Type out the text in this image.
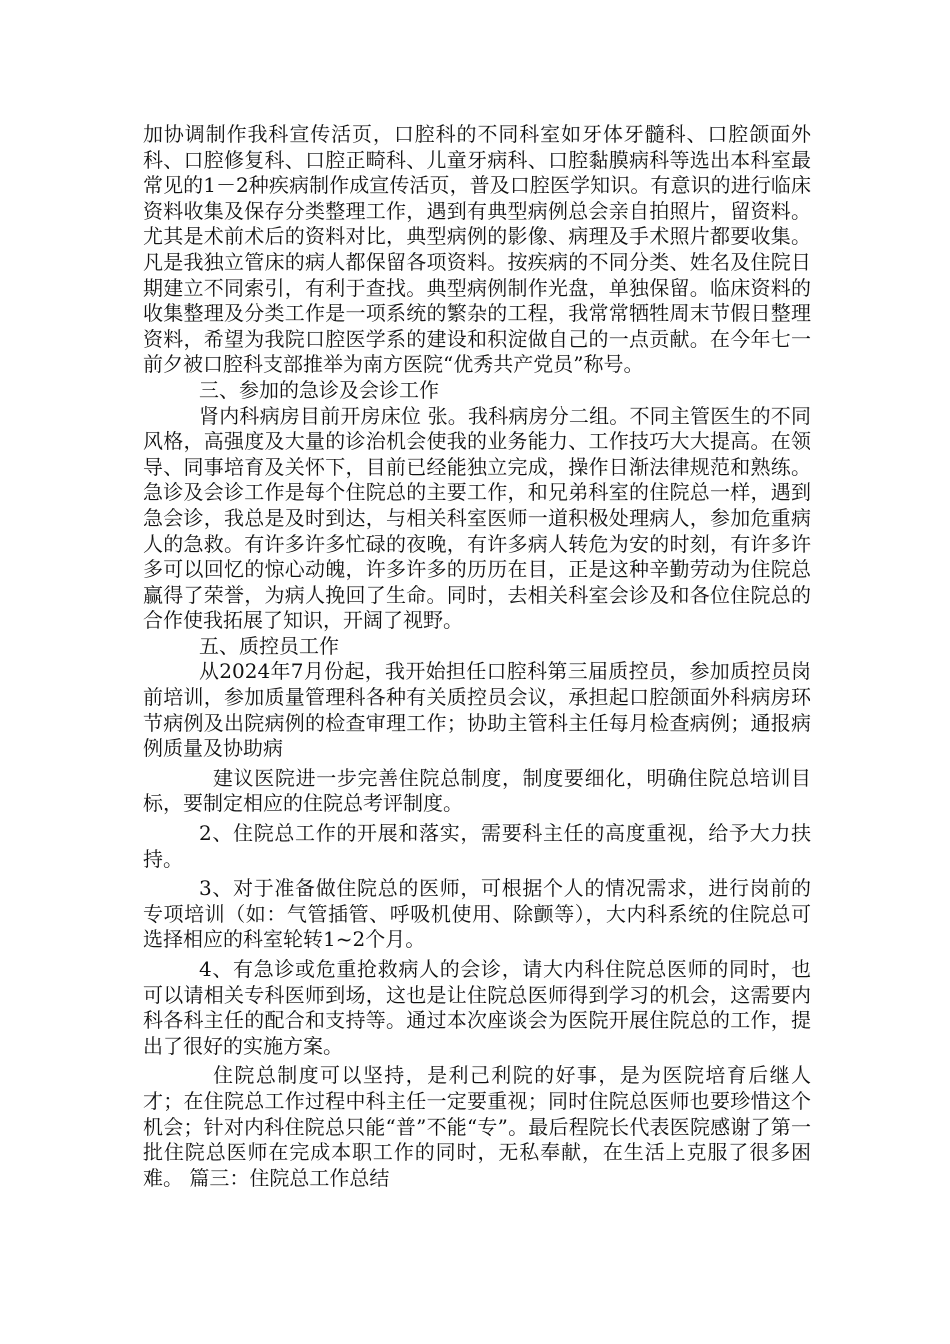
加协调制作我科宣传活页，口腔科的不同科室如牙体牙髓科、口腔颌面外科、口腔修复科、口腔正畸科、儿童牙病科、口腔黏膜病科等选出本科室最常见的1－2种疾病制作成宣传活页，普及口腔医学知识。有意识的进行临床资料收集及保存分类整理工作，遇到有典型病例总会亲自拍照片，留资料。尤其是术前术后的资料对比，典型病例的影像、病理及手术照片都要收集。凡是我独立管床的病人都保留各项资料。按疾病的不同分类、姓名及住院日期建立不同索引，有利于查找。典型病例制作光盘，单独保留。临床资料的收集整理及分类工作是一项系统的繁杂的工程，我常常牺牲周末节假日整理资料，希望为我院口腔医学系的建设和积淀做自己的一点贡献。在今年七一前夕被口腔科支部推举为南方医院“优秀共产党员”称号。

三、参加的急诊及会诊工作

肾内科病房目前开房床位 张。我科病房分二组。不同主管医生的不同风格，高强度及大量的诊治机会使我的业务能力、工作技巧大大提高。在领导、同事培育及关怀下，目前已经能独立完成，操作日渐法律规范和熟练。急诊及会诊工作是每个住院总的主要工作，和兄弟科室的住院总一样，遇到急会诊，我总是及时到达，与相关科室医师一道积极处理病人，参加危重病人的急救。有许多许多忙碌的夜晚，有许多病人转危为安的时刻，有许多许多可以回忆的惊心动魄，许多许多的历历在目，正是这种辛勤劳动为住院总赢得了荣誉，为病人挽回了生命。同时，去相关科室会诊及和各位住院总的合作使我拓展了知识，开阔了视野。

五、质控员工作

从2024年7月份起，我开始担任口腔科第三届质控员，参加质控员岗前培训，参加质量管理科各种有关质控员会议，承担起口腔颌面外科病房环节病例及出院病例的检查审理工作；协助主管科主任每月检查病例；通报病例质量及协助病

建议医院进一步完善住院总制度，制度要细化，明确住院总培训目标，要制定相应的住院总考评制度。

2、住院总工作的开展和落实，需要科主任的高度重视，给予大力扶持。

3、对于准备做住院总的医师，可根据个人的情况需求，进行岗前的专项培训（如：气管插管、呼吸机使用、除颤等），大内科系统的住院总可选择相应的科室轮转1~2个月。

4、有急诊或危重抢救病人的会诊，请大内科住院总医师的同时，也可以请相关专科医师到场，这也是让住院总医师得到学习的机会，这需要内科各科主任的配合和支持等。通过本次座谈会为医院开展住院总的工作，提出了很好的实施方案。

住院总制度可以坚持，是利己利院的好事，是为医院培育后继人才；在住院总工作过程中科主任一定要重视；同时住院总医师也要珍惜这个机会；针对内科住院总只能“普”不能“专”。最后程院长代表医院感谢了第一批住院总医师在完成本职工作的同时，无私奉献，在生活上克服了很多困难。 篇三：住院总工作总结
